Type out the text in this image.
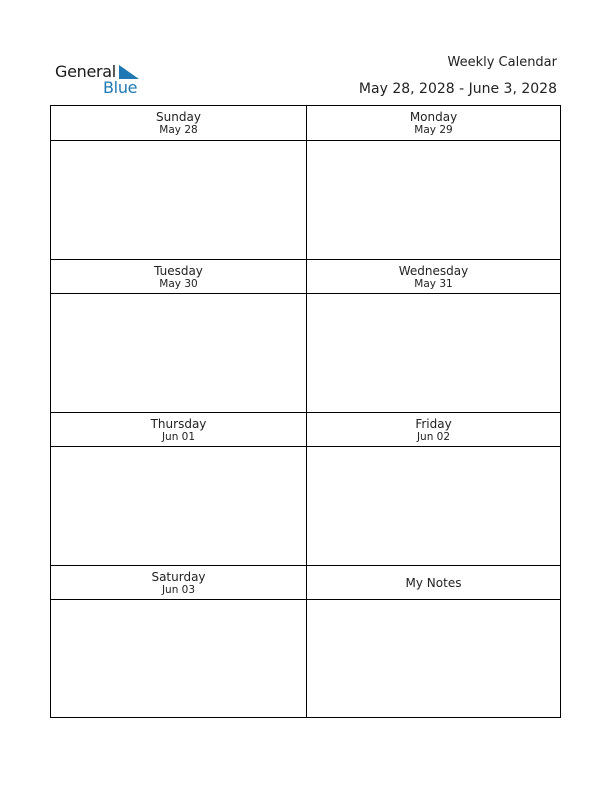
General
Blue
Weekly Calendar
May 28, 2028 - June 3, 2028
Sunday
May 28
Monday
May 29
Tuesday
May 30
Wednesday
May 31
Thursday
Jun 01
Friday
Jun 02
Saturday
Jun 03	My Notes
